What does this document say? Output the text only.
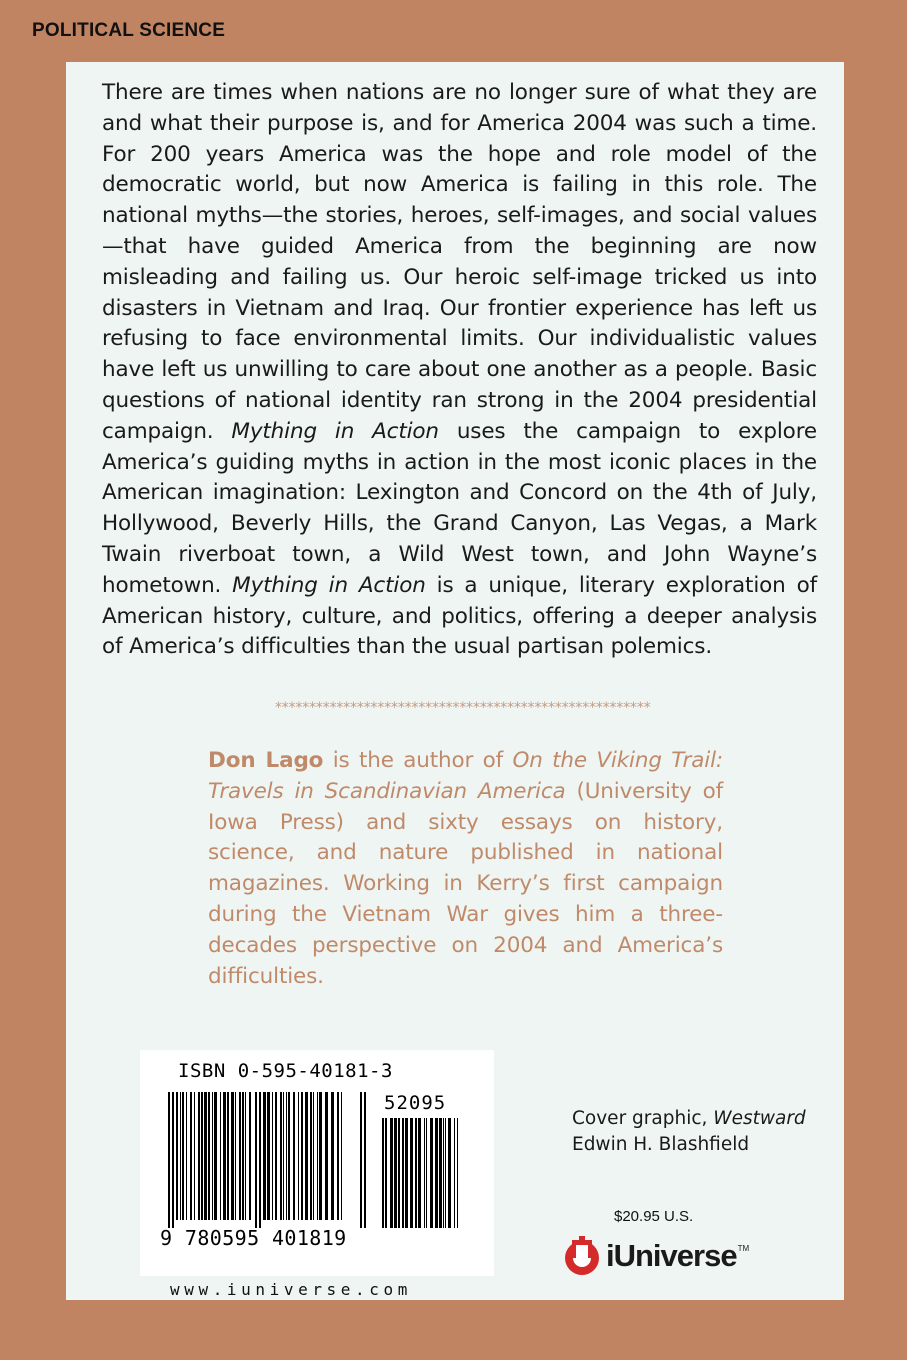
POLITICAL SCIENCE

There are times when nations are no longer sure of what they are and what their purpose is, and for America 2004 was such a time. For 200 years America was the hope and role model of the democratic world, but now America is failing in this role. The national myths—the stories, heroes, self-images, and social values—that have guided America from the beginning are now misleading and failing us. Our heroic self-image tricked us into disasters in Vietnam and Iraq. Our frontier experience has left us refusing to face environmental limits. Our individualistic values have left us unwilling to care about one another as a people. Basic questions of national identity ran strong in the 2004 presidential campaign. Mything in Action uses the campaign to explore America’s guiding myths in action in the most iconic places in the American imagination: Lexington and Concord on the 4th of July, Hollywood, Beverly Hills, the Grand Canyon, Las Vegas, a Mark Twain riverboat town, a Wild West town, and John Wayne’s hometown. Mything in Action is a unique, literary exploration of American history, culture, and politics, offering a deeper analysis of America’s difficulties than the usual partisan polemics.

*******************************************************

Don Lago is the author of On the Viking Trail: Travels in Scandinavian America (University of Iowa Press) and sixty essays on history, science, and nature published in national magazines. Working in Kerry’s first campaign during the Vietnam War gives him a three-decades perspective on 2004 and America’s difficulties.

ISBN 0-595-40181-3
52095
9 780595 401819
www.iuniverse.com
Cover graphic, Westward
Edwin H. Blashfield
$20.95 U.S.
iUniverse TM
